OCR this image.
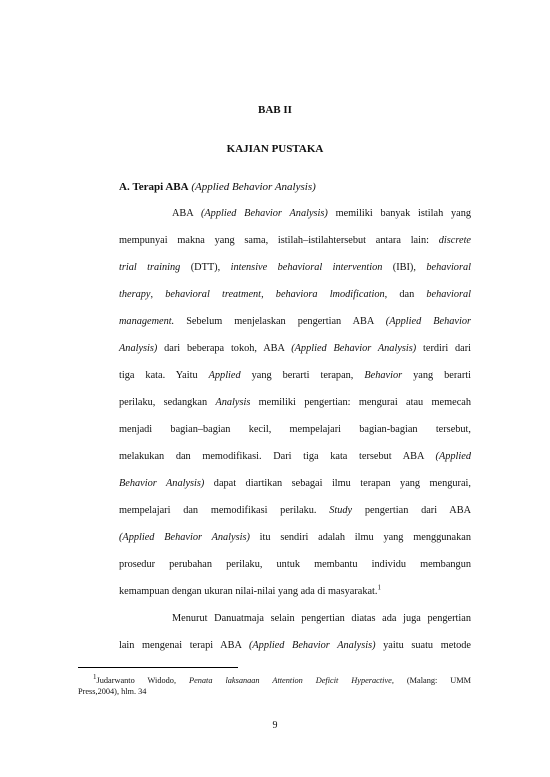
BAB II
KAJIAN PUSTAKA
A. Terapi ABA (Applied Behavior Analysis)
ABA (Applied Behavior Analysis) memiliki banyak istilah yang
mempunyai makna yang sama, istilah–istilahtersebut antara lain: discrete
trial training (DTT), intensive behavioral intervention (IBI), behavioral
therapy, behavioral treatment, behaviora lmodification, dan behavioral
management. Sebelum menjelaskan pengertian ABA (Applied Behavior
Analysis) dari beberapa tokoh, ABA (Applied Behavior Analysis) terdiri dari
tiga kata. Yaitu Applied yang berarti terapan, Behavior yang berarti
perilaku, sedangkan Analysis memiliki pengertian: mengurai atau memecah
menjadi bagian–bagian kecil, mempelajari bagian-bagian tersebut,
melakukan dan memodifikasi. Dari tiga kata tersebut ABA (Applied
Behavior Analysis) dapat diartikan sebagai ilmu terapan yang mengurai,
mempelajari dan memodifikasi perilaku. Study pengertian dari ABA
(Applied Behavior Analysis) itu sendiri adalah ilmu yang menggunakan
prosedur perubahan perilaku, untuk membantu individu membangun
kemampuan dengan ukuran nilai-nilai yang ada di masyarakat.$^1$
Menurut Danuatmaja selain pengertian diatas ada juga pengertian
lain mengenai terapi ABA (Applied Behavior Analysis) yaitu suatu metode
$^1$Judarwanto Widodo, Penata laksanaan Attention Deficit Hyperactive, (Malang: UMM
Press,2004), hlm. 34
9
